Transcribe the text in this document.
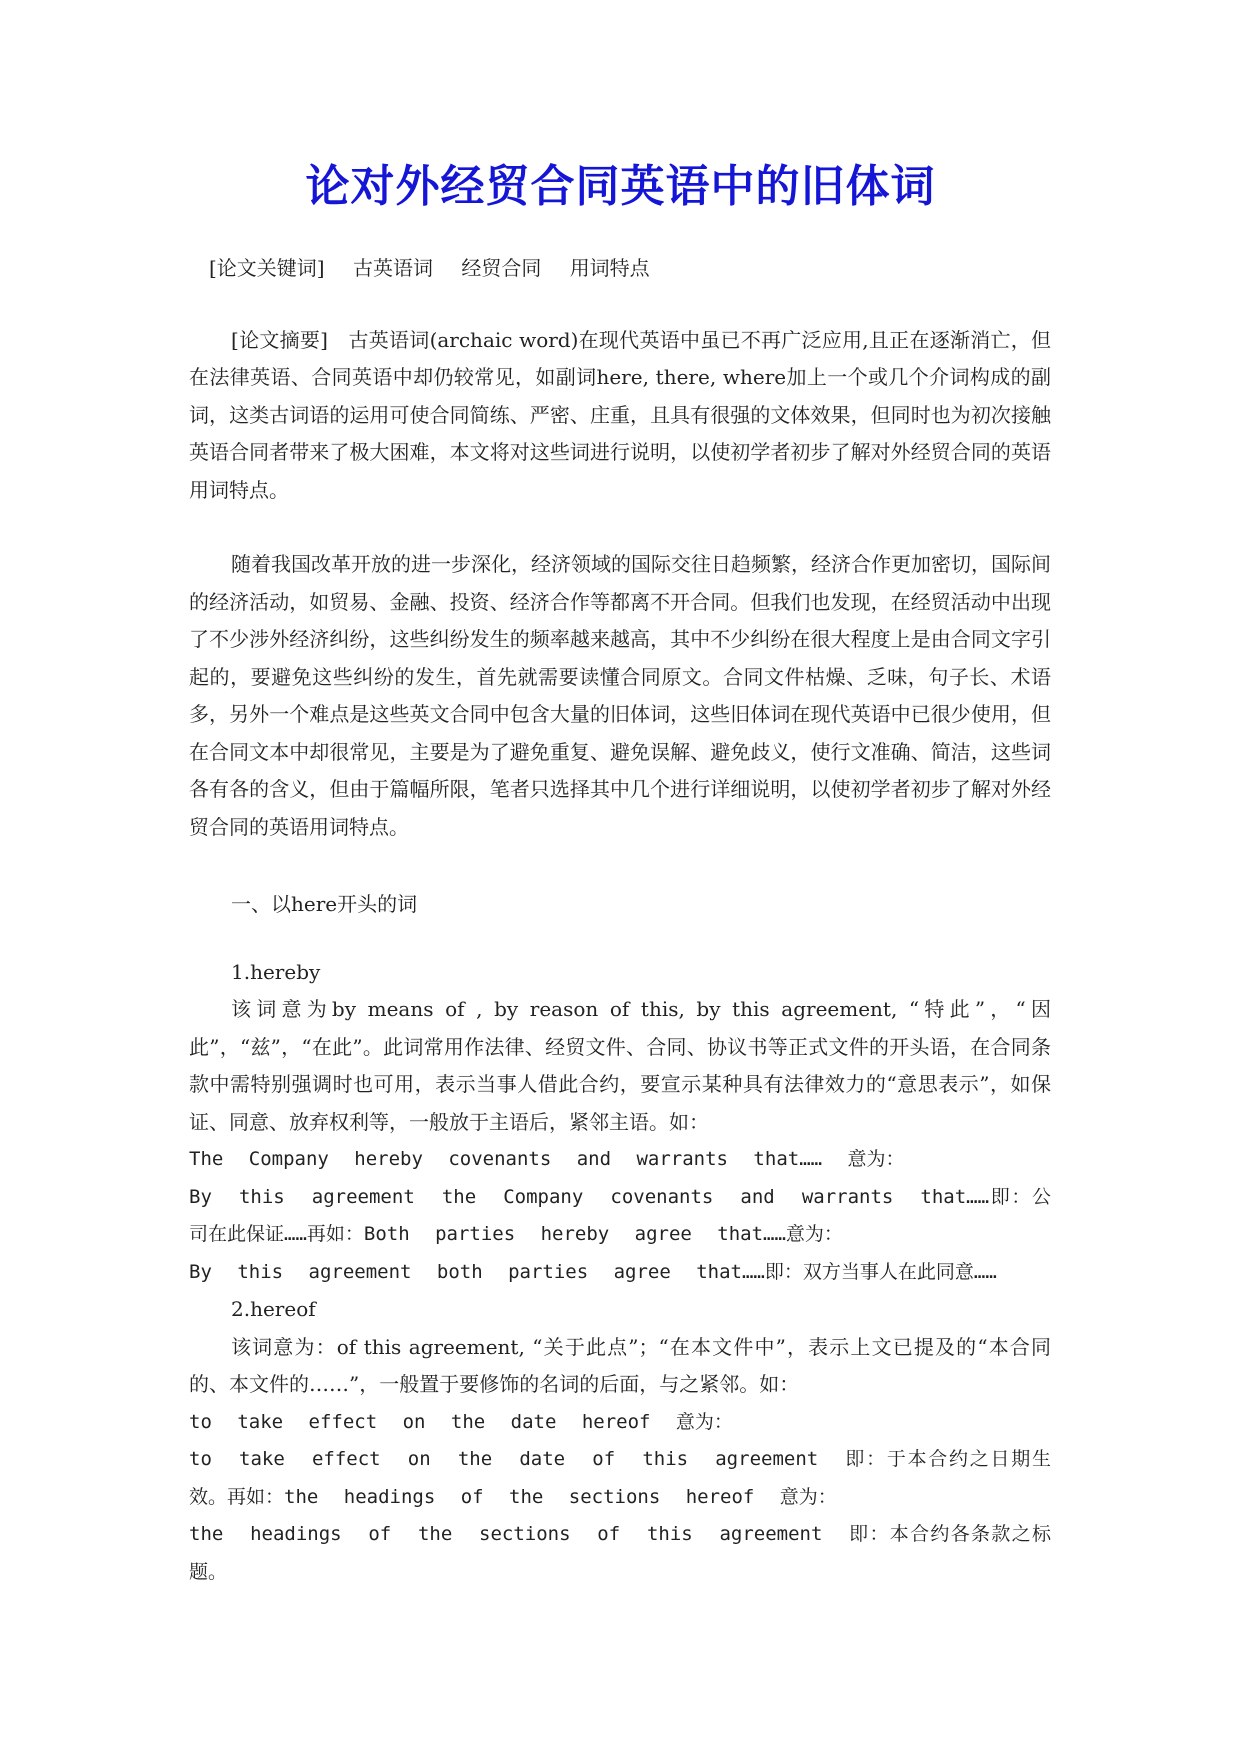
论对外经贸合同英语中的旧体词

[论文关键词] 古英语词 经贸合同 用词特点

[论文摘要] 古英语词(archaic word)在现代英语中虽已不再广泛应用,且正在逐渐消亡，但在法律英语、合同英语中却仍较常见，如副词here, there, where加上一个或几个介词构成的副词，这类古词语的运用可使合同简练、严密、庄重，且具有很强的文体效果，但同时也为初次接触英语合同者带来了极大困难，本文将对这些词进行说明，以使初学者初步了解对外经贸合同的英语用词特点。

随着我国改革开放的进一步深化，经济领域的国际交往日趋频繁，经济合作更加密切，国际间的经济活动，如贸易、金融、投资、经济合作等都离不开合同。但我们也发现，在经贸活动中出现了不少涉外经济纠纷，这些纠纷发生的频率越来越高，其中不少纠纷在很大程度上是由合同文字引起的，要避免这些纠纷的发生，首先就需要读懂合同原文。合同文件枯燥、乏味，句子长、术语多，另外一个难点是这些英文合同中包含大量的旧体词，这些旧体词在现代英语中已很少使用，但在合同文本中却很常见，主要是为了避免重复、避免误解、避免歧义，使行文准确、简洁，这些词各有各的含义，但由于篇幅所限，笔者只选择其中几个进行详细说明，以使初学者初步了解对外经贸合同的英语用词特点。

一、以here开头的词

1.hereby

该词意为by means of , by reason of this, by this agreement, “特此”，“因此”，“兹”，“在此”。此词常用作法律、经贸文件、合同、协议书等正式文件的开头语，在合同条款中需特别强调时也可用，表示当事人借此合约，要宣示某种具有法律效力的“意思表示”，如保证、同意、放弃权利等，一般放于主语后，紧邻主语。如：

The Company hereby covenants and warrants that…… 意为：

By this agreement the Company covenants and warrants that……即：公司在此保证……再如：Both parties hereby agree that……意为：

By this agreement both parties agree that……即：双方当事人在此同意……

2.hereof

该词意为：of this agreement, “关于此点”；“在本文件中”，表示上文已提及的“本合同的、本文件的……”，一般置于要修饰的名词的后面，与之紧邻。如：

to take effect on the date hereof 意为：

to take effect on the date of this agreement 即：于本合约之日期生效。再如：the headings of the sections hereof 意为：

the headings of the sections of this agreement 即：本合约各条款之标题。
